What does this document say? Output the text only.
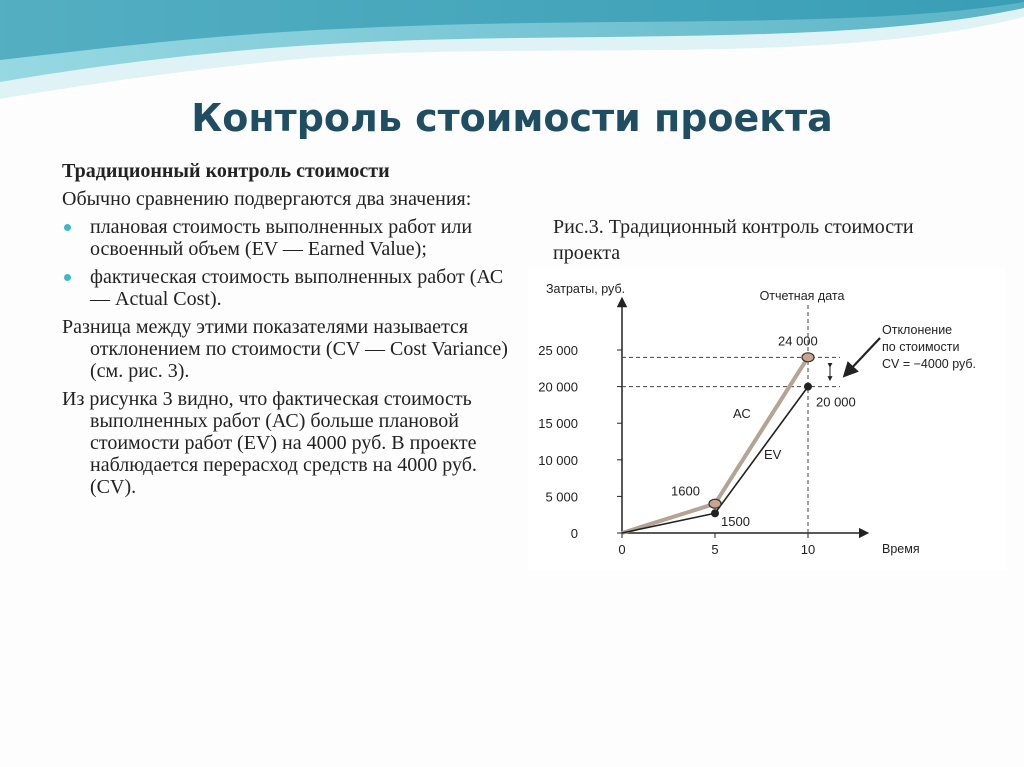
Контроль стоимости проекта
Традиционный контроль стоимости

Обычно сравнению подвергаются два значения:

плановая стоимость выполненных работ или освоенный объем (EV — Earned Value);
фактическая стоимость выполненных работ (АС — Actual Cost).

Разница между этими показателями называется отклонением по стоимости (CV — Cost Variance) (см. рис. 3).

Из рисунка 3 видно, что фактическая стоимость выполненных работ (АС) больше плановой стоимости работ (EV) на 4000 руб. В проекте наблюдается перерасход средств на 4000 руб. (CV).

Рис.3. Традиционный контроль стоимости проекта
Затраты, руб.
Время
0
5 000
10 000
15 000
20 000
25 000
0	5	10
Отчетная дата
АС
EV
1600
24 000
1500
20 000
Отклонение
по стоимости
CV = −4000 руб.
